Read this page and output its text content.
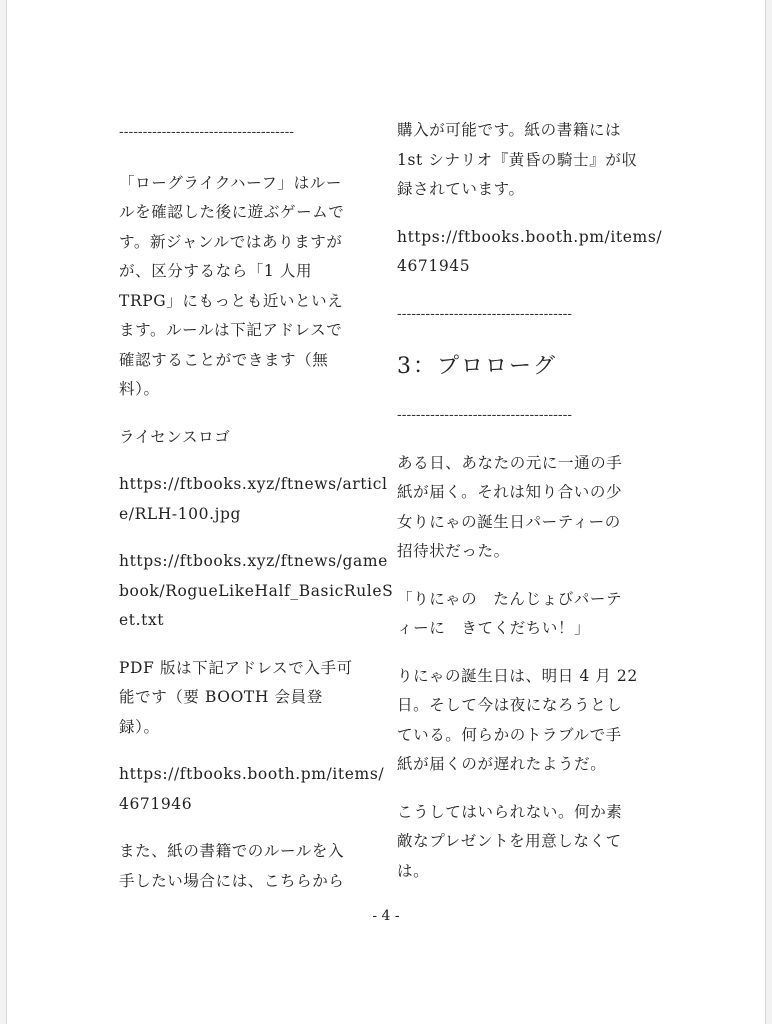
-------------------------------------
「ローグライクハーフ」はルー
ルを確認した後に遊ぶゲームで
す。新ジャンルではありますが
が、区分するなら「1 人用
TRPG」にもっとも近いといえ
ます。ルールは下記アドレスで
確認することができます（無
料）。
ライセンスロゴ
https://ftbooks.xyz/ftnews/articl
e/RLH-100.jpg
https://ftbooks.xyz/ftnews/game
book/RogueLikeHalf_BasicRuleS
et.txt
PDF 版は下記アドレスで入手可
能です（要 BOOTH 会員登
録）。
https://ftbooks.booth.pm/items/
4671946
また、紙の書籍でのルールを入
手したい場合には、こちらから
購入が可能です。紙の書籍には
1st シナリオ『黄昏の騎士』が収
録されています。
https://ftbooks.booth.pm/items/
4671945
-------------------------------------
3：プロローグ
-------------------------------------
ある日、あなたの元に一通の手
紙が届く。それは知り合いの少
女りにゃの誕生日パーティーの
招待状だった。
「りにゃの　たんじょびパーテ
ィーに　きてくだちい！」
りにゃの誕生日は、明日 4 月 22
日。そして今は夜になろうとし
ている。何らかのトラブルで手
紙が届くのが遅れたようだ。
こうしてはいられない。何か素
敵なプレゼントを用意しなくて
は。
- 4 -
